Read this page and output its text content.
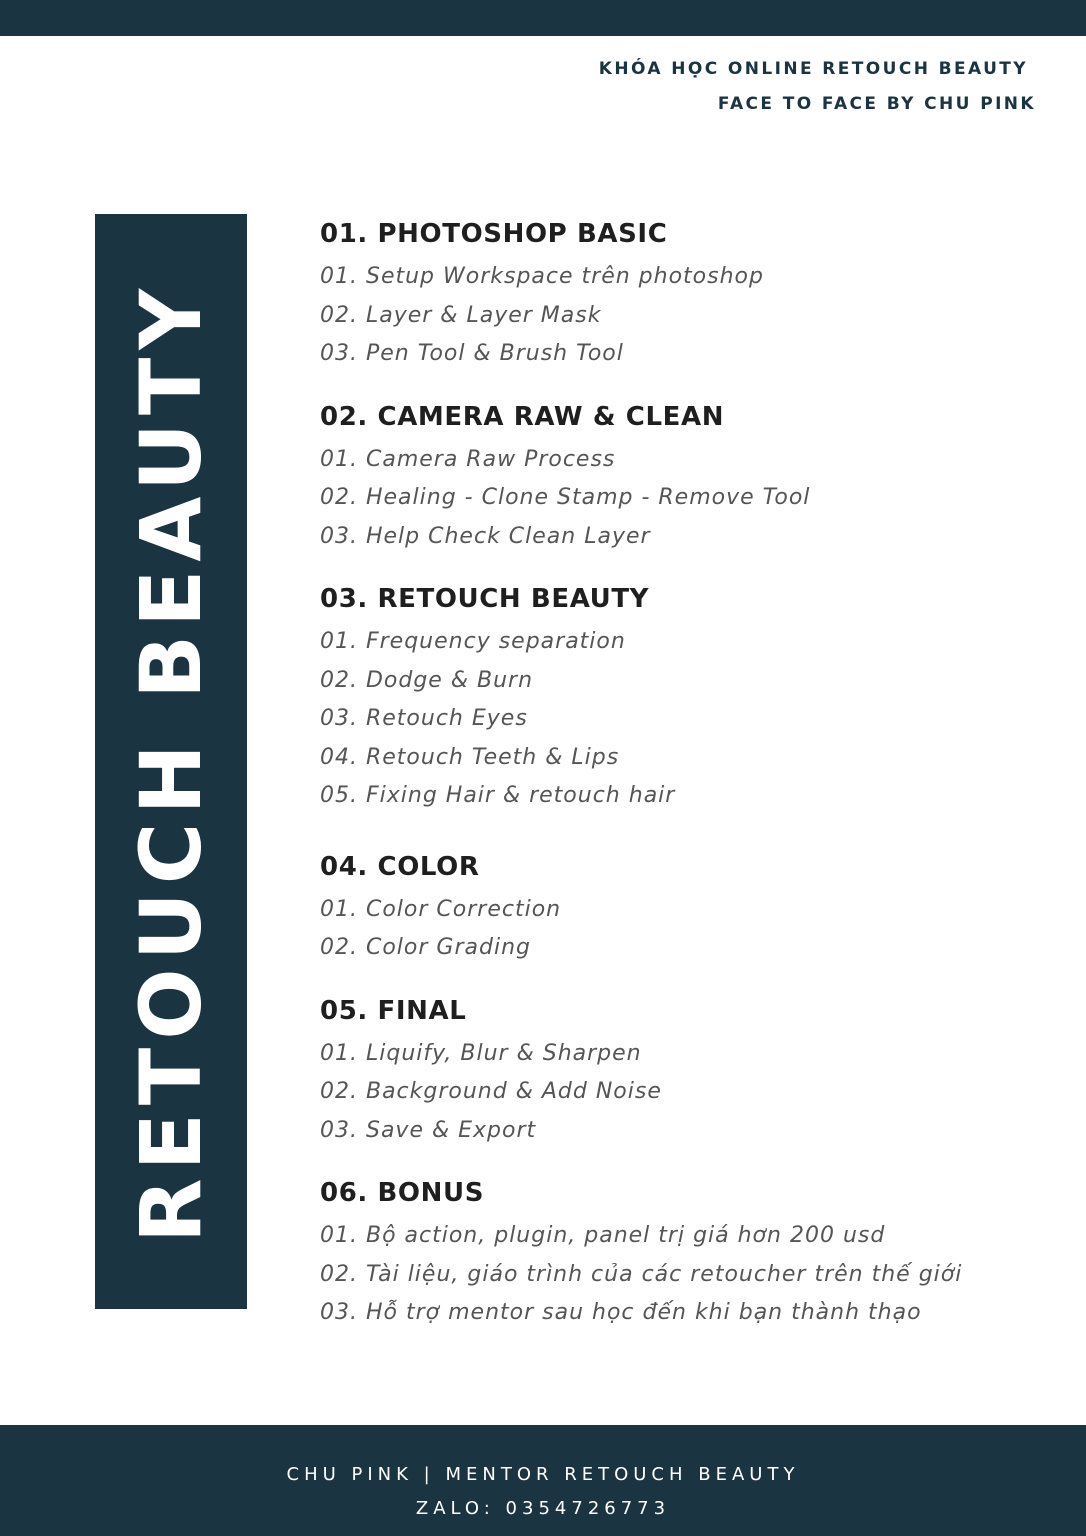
KHÓA HỌC ONLINE RETOUCH BEAUTY
FACE TO FACE BY CHU PINK
RETOUCH BEAUTY
01. PHOTOSHOP BASIC
01. Setup Workspace trên photoshop
02. Layer & Layer Mask
03. Pen Tool & Brush Tool
02. CAMERA RAW & CLEAN
01. Camera Raw Process
02. Healing - Clone Stamp - Remove Tool
03. Help Check Clean Layer
03. RETOUCH BEAUTY
01. Frequency separation
02. Dodge & Burn
03. Retouch Eyes
04. Retouch Teeth & Lips
05. Fixing Hair & retouch hair
04. COLOR
01. Color Correction
02. Color Grading
05. FINAL
01. Liquify, Blur & Sharpen
02. Background & Add Noise
03. Save & Export
06. BONUS
01. Bộ action, plugin, panel trị giá hơn 200 usd
02. Tài liệu, giáo trình của các retoucher trên thế giới
03. Hỗ trợ mentor sau học đến khi bạn thành thạo
CHU PINK | MENTOR RETOUCH BEAUTY
ZALO: 0354726773
